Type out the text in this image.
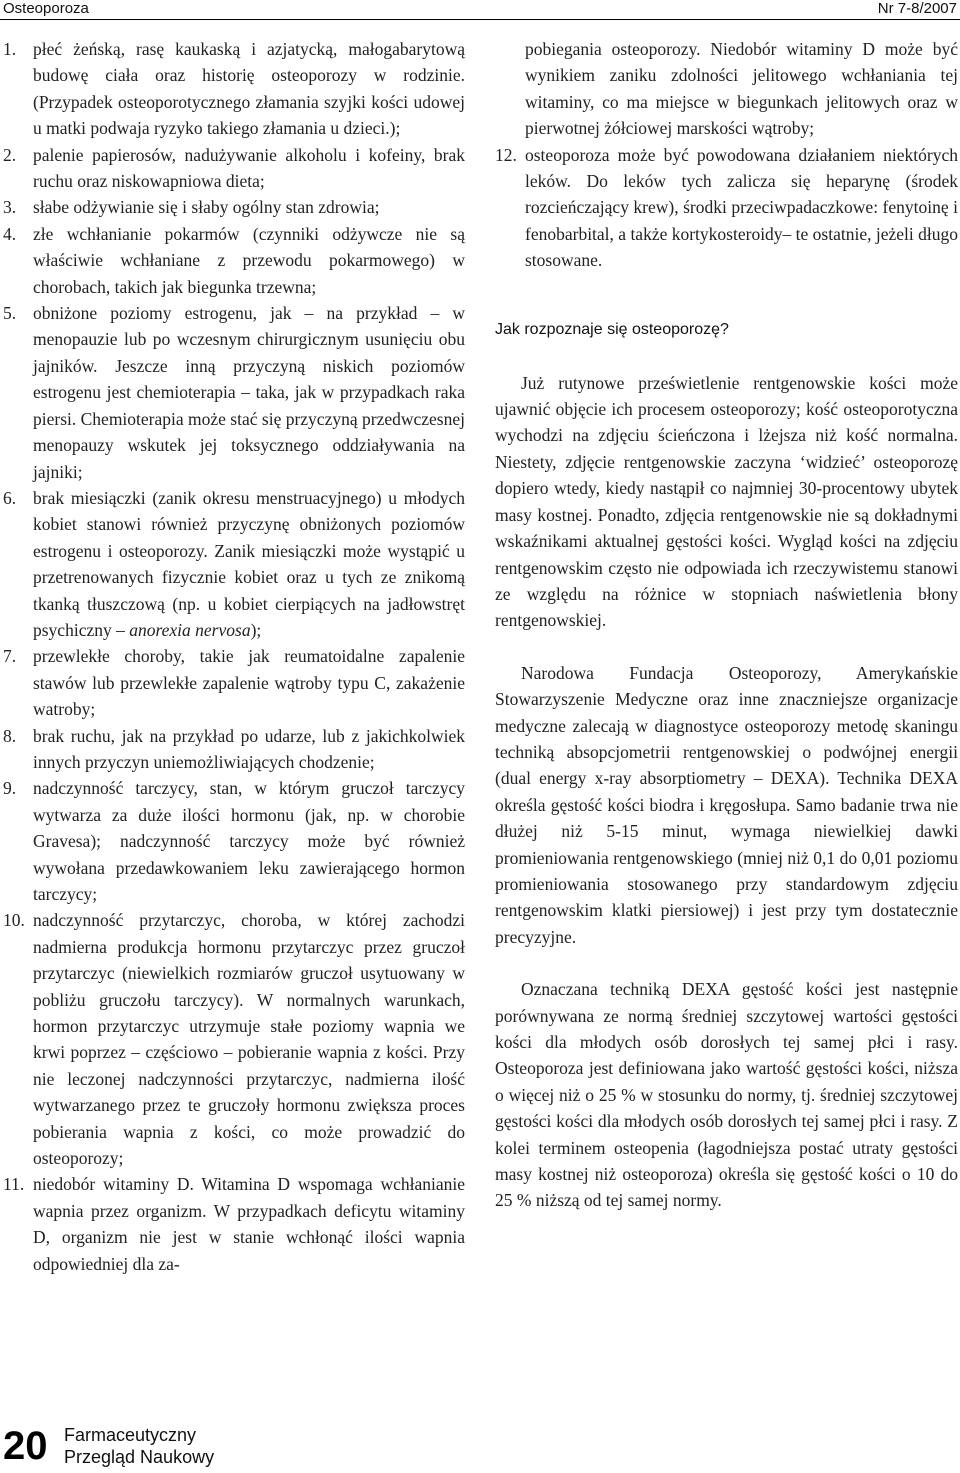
Osteoporoza	Nr 7-8/2007
1. płeć żeńską, rasę kaukaską i azjatycką, małogabarytową budowę ciała oraz historię osteoporozy w rodzinie. (Przypadek osteoporotycznego złamania szyjki kości udowej u matki podwaja ryzyko takiego złamania u dzieci.);
2. palenie papierosów, nadużywanie alkoholu i kofeiny, brak ruchu oraz niskowapniowa dieta;
3. słabe odżywianie się i słaby ogólny stan zdrowia;
4. złe wchłanianie pokarmów (czynniki odżywcze nie są właściwie wchłaniane z przewodu pokarmowego) w chorobach, takich jak biegunka trzewna;
5. obniżone poziomy estrogenu, jak – na przykład – w menopauzie lub po wczesnym chirurgicznym usunięciu obu jajników. Jeszcze inną przyczyną niskich poziomów estrogenu jest chemioterapia – taka, jak w przypadkach raka piersi. Chemioterapia może stać się przyczyną przedwczesnej menopauzy wskutek jej toksycznego oddziaływania na jajniki;
6. brak miesiączki (zanik okresu menstruacyjnego) u młodych kobiet stanowi również przyczynę obniżonych poziomów estrogenu i osteoporozy. Zanik miesiączki może wystąpić u przetrenowanych fizycznie kobiet oraz u tych ze znikomą tkanką tłuszczową (np. u kobiet cierpiących na jadłowstręt psychiczny – anorexia nervosa);
7. przewlekłe choroby, takie jak reumatoidalne zapalenie stawów lub przewlekłe zapalenie wątroby typu C, zakażenie watroby;
8. brak ruchu, jak na przykład po udarze, lub z jakichkolwiek innych przyczyn uniemożliwiających chodzenie;
9. nadczynność tarczycy, stan, w którym gruczoł tarczycy wytwarza za duże ilości hormonu (jak, np. w chorobie Gravesa); nadczynność tarczycy może być również wywołana przedawkowaniem leku zawierającego hormon tarczycy;
10. nadczynność przytarczyc, choroba, w której zachodzi nadmierna produkcja hormonu przytarczyc przez gruczoł przytarczyc (niewielkich rozmiarów gruczoł usytuowany w pobliżu gruczołu tarczycy). W normalnych warunkach, hormon przytarczyc utrzymuje stałe poziomy wapnia we krwi poprzez – częściowo – pobieranie wapnia z kości. Przy nie leczonej nadczynności przytarczyc, nadmierna ilość wytwarzanego przez te gruczoły hormonu zwiększa proces pobierania wapnia z kości, co może prowadzić do osteoporozy;
11. niedobór witaminy D. Witamina D wspomaga wchłanianie wapnia przez organizm. W przypadkach deficytu witaminy D, organizm nie jest w stanie wchłonąć ilości wapnia odpowiedniej dla za-
pobiegania osteoporozy. Niedobór witaminy D może być wynikiem zaniku zdolności jelitowego wchłaniania tej witaminy, co ma miejsce w biegunkach jelitowych oraz w pierwotnej żółciowej marskości wątroby;
12. osteoporoza może być powodowana działaniem niektórych leków. Do leków tych zalicza się heparynę (środek rozcieńczający krew), środki przeciwpadaczkowe: fenytoinę i fenobarbital, a także kortykosteroidy– te ostatnie, jeżeli długo stosowane.
Jak rozpoznaje się osteoporozę?

Już rutynowe prześwietlenie rentgenowskie kości może ujawnić objęcie ich procesem osteoporozy; kość osteoporotyczna wychodzi na zdjęciu ścieńczona i lżejsza niż kość normalna. Niestety, zdjęcie rentgenowskie zaczyna ‘widzieć’ osteoporozę dopiero wtedy, kiedy nastąpił co najmniej 30-procentowy ubytek masy kostnej. Ponadto, zdjęcia rentgenowskie nie są dokładnymi wskaźnikami aktualnej gęstości kości. Wygląd kości na zdjęciu rentgenowskim często nie odpowiada ich rzeczywistemu stanowi ze względu na różnice w stopniach naświetlenia błony rentgenowskiej.

Narodowa Fundacja Osteoporozy, Amerykańskie Stowarzyszenie Medyczne oraz inne znaczniejsze organizacje medyczne zalecają w diagnostyce osteoporozy metodę skaningu techniką absopcjometrii rentgenowskiej o podwójnej energii (dual energy x-ray absorptiometry – DEXA). Technika DEXA określa gęstość kości biodra i kręgosłupa. Samo badanie trwa nie dłużej niż 5-15 minut, wymaga niewielkiej dawki promieniowania rentgenowskiego (mniej niż 0,1 do 0,01 poziomu promieniowania stosowanego przy standardowym zdjęciu rentgenowskim klatki piersiowej) i jest przy tym dostatecznie precyzyjne.

Oznaczana techniką DEXA gęstość kości jest następnie porównywana ze normą średniej szczytowej wartości gęstości kości dla młodych osób dorosłych tej samej płci i rasy. Osteoporoza jest definiowana jako wartość gęstości kości, niższa o więcej niż o 25 % w stosunku do normy, tj. średniej szczytowej gęstości kości dla młodych osób dorosłych tej samej płci i rasy. Z kolei terminem osteopenia (łagodniejsza postać utraty gęstości masy kostnej niż osteoporoza) określa się gęstość kości o 10 do 25 % niższą od tej samej normy.

20 Farmaceutyczny
Przegląd Naukowy
